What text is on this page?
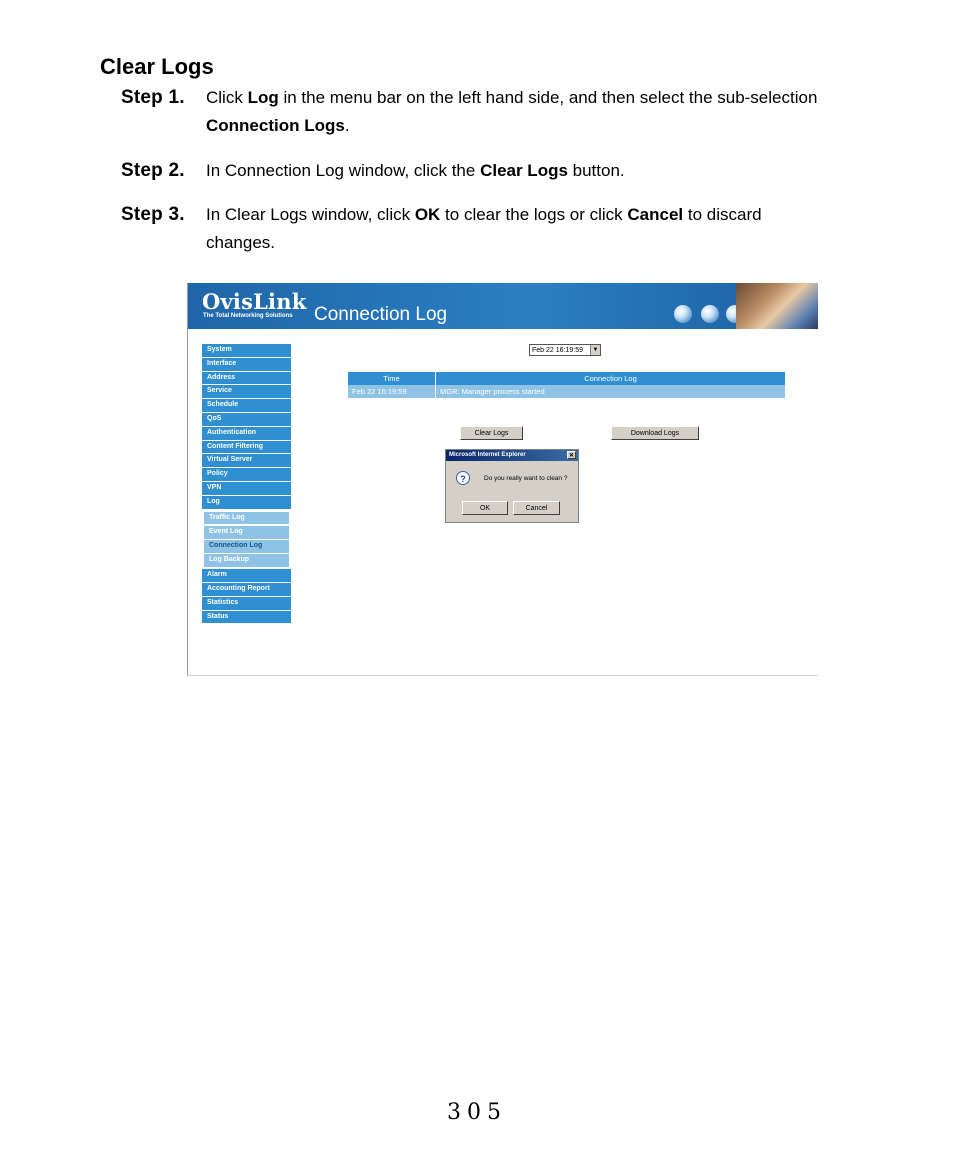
Clear Logs
Step 1. Click Log in the menu bar on the left hand side, and then select the sub-selection
Connection Logs.
Step 2. In Connection Log window, click the Clear Logs button.
Step 3. In Clear Logs window, click OK to clear the logs or click Cancel to discard
changes.
OvisLink
The Total Networking Solutions Connection Log
System
Interface
Address
Service
Schedule
QoS
Authentication
Content Filtering
Virtual Server
Policy
VPN
Log
Traffic Log
Event Log
Connection Log
Log Backup
Alarm
Accounting Report
Statistics
Status
Feb 22 16:19:59	▼
Time	Connection Log
Feb 22 16:19:59	MGR: Manager process started
Clear Logs	Download Logs
Microsoft Internet Explorer	✕
?	Do you really want to clean ?
OK	Cancel
305
